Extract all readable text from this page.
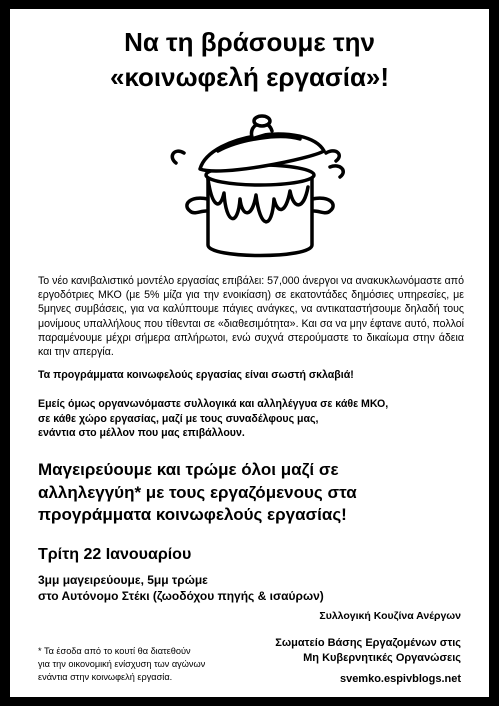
Να τη βράσουμε την
«κοινωφελή εργασία»!

Το νέο κανιβαλιστικό μοντέλο εργασίας επιβάλει: 57,000 άνεργοι να ανακυκλωνόμαστε από εργοδότριες ΜΚΟ (με 5% μίζα για την ενοικίαση) σε εκατοντάδες δημόσιες υπηρεσίες, με 5μηνες συμβάσεις, για να καλύπτουμε πάγιες ανάγκες, να αντικαταστήσουμε δηλαδή τους μονίμους υπαλλήλους που τίθενται σε «διαθεσιμότητα». Και σα να μην έφτανε αυτό, πολλοί παραμένουμε μέχρι σήμερα απλήρωτοι, ενώ συχνά στερούμαστε το δικαίωμα στην άδεια και την απεργία.

Τα προγράμματα κοινωφελούς εργασίας είναι σωστή σκλαβιά!

Εμείς όμως οργανωνόμαστε συλλογικά και αλληλέγγυα σε κάθε ΜΚΟ,
σε κάθε χώρο εργασίας, μαζί με τους συναδέλφους μας,
ενάντια στο μέλλον που μας επιβάλλουν.

Μαγειρεύουμε και τρώμε όλοι μαζί σε
αλληλεγγύη* με τους εργαζόμενους στα
προγράμματα κοινωφελούς εργασίας!

Τρίτη 22 Ιανουαρίου

3μμ μαγειρεύουμε, 5μμ τρώμε
στο Αυτόνομο Στέκι (ζωοδόχου πηγής & ισαύρων)

Συλλογική Κουζίνα Ανέργων

* Τα έσοδα από το κουτί θα διατεθούν
για την οικονομική ενίσχυση των αγώνων
ενάντια στην κοινωφελή εργασία.

Σωματείο Βάσης Εργαζομένων στις
Μη Κυβερνητικές Οργανώσεις

svemko.espivblogs.net
